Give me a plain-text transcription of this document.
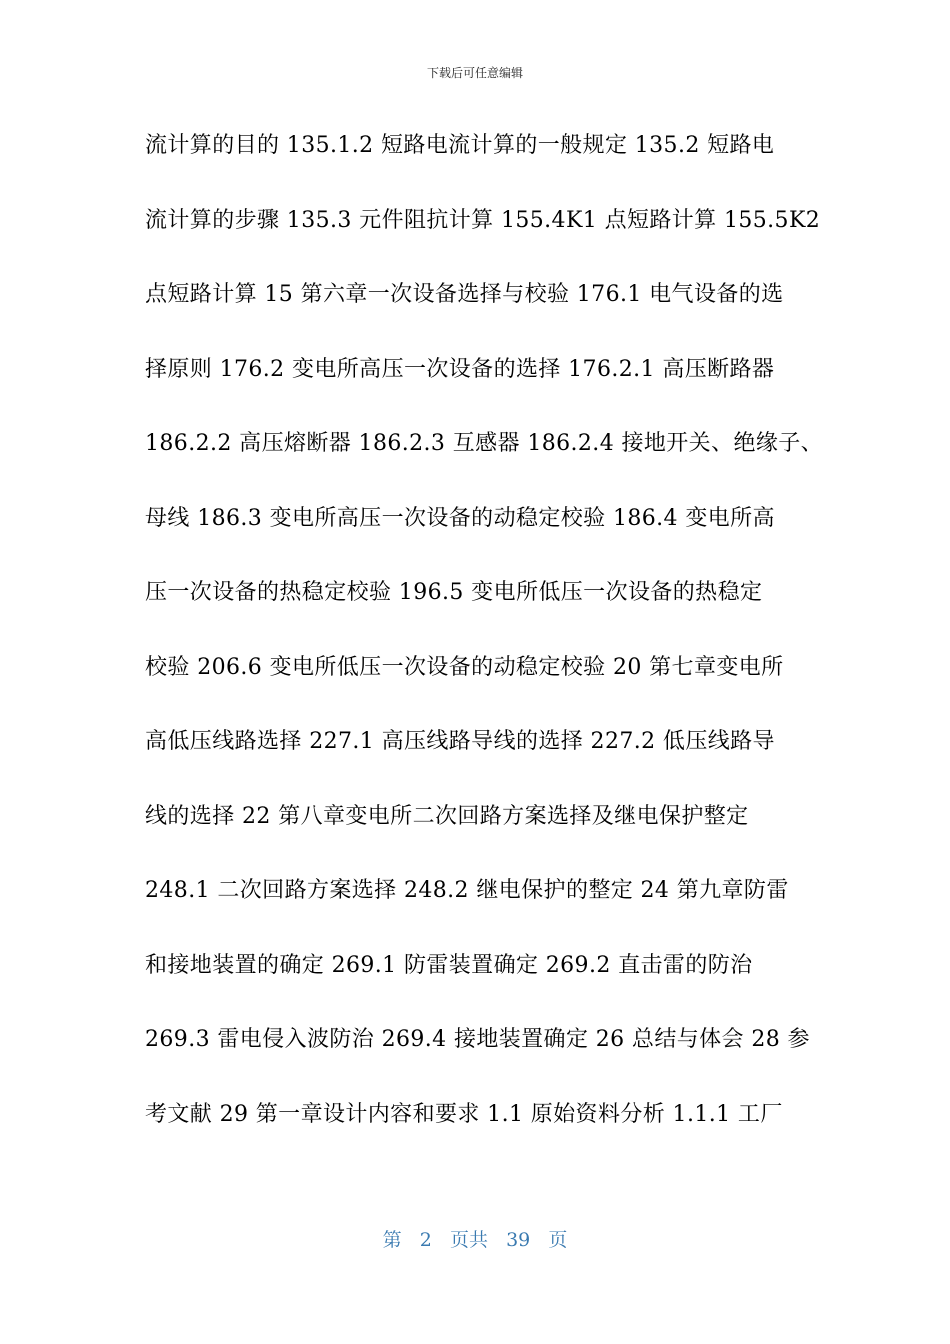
下载后可任意编辑
流计算的目的 135.1.2 短路电流计算的一般规定 135.2 短路电
流计算的步骤 135.3 元件阻抗计算 155.4K1 点短路计算 155.5K2
点短路计算 15 第六章一次设备选择与校验 176.1 电气设备的选
择原则 176.2 变电所高压一次设备的选择 176.2.1 高压断路器
186.2.2 高压熔断器 186.2.3 互感器 186.2.4 接地开关、绝缘子、
母线 186.3 变电所高压一次设备的动稳定校验 186.4 变电所高
压一次设备的热稳定校验 196.5 变电所低压一次设备的热稳定
校验 206.6 变电所低压一次设备的动稳定校验 20 第七章变电所
高低压线路选择 227.1 高压线路导线的选择 227.2 低压线路导
线的选择 22 第八章变电所二次回路方案选择及继电保护整定
248.1 二次回路方案选择 248.2 继电保护的整定 24 第九章防雷
和接地装置的确定 269.1 防雷装置确定 269.2 直击雷的防治
269.3 雷电侵入波防治 269.4 接地装置确定 26 总结与体会 28 参
考文献 29 第一章设计内容和要求 1.1 原始资料分析 1.1.1 工厂
第 2 页共 39 页
